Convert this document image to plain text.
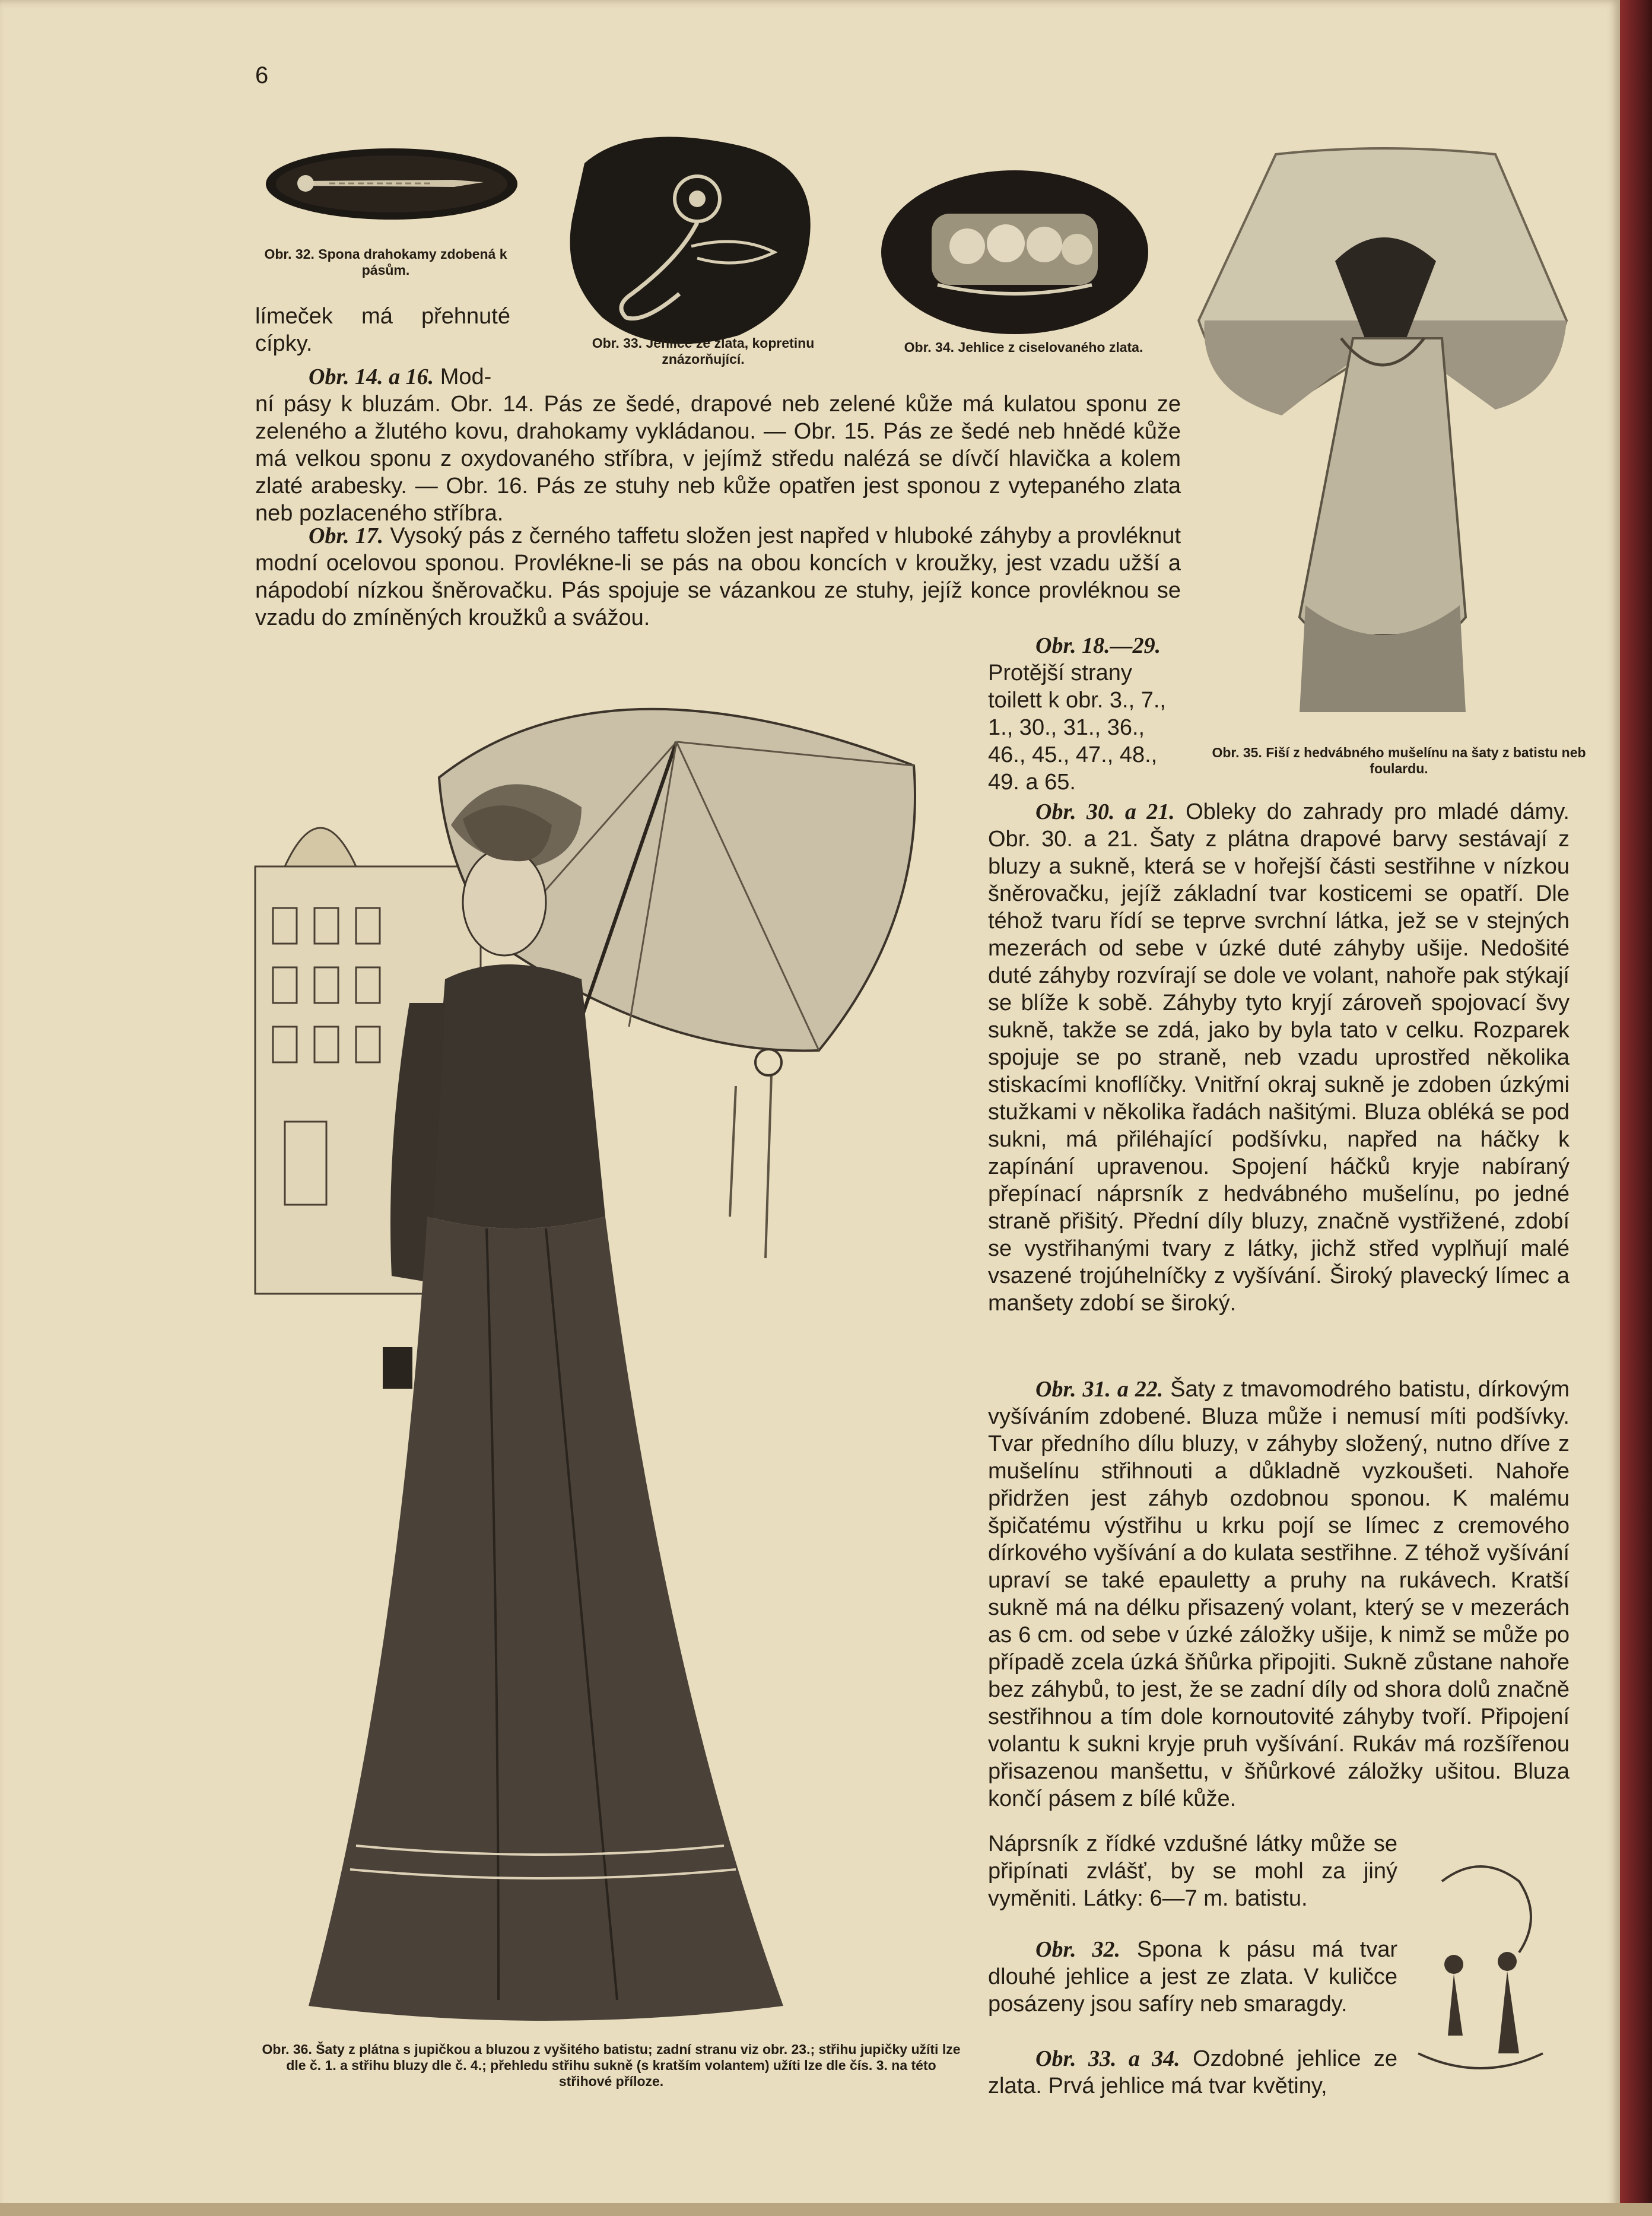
6

Obr. 32. Spona drahokamy zdobená k pásům.

Obr. 33. Jehlice ze zlata, kopretinu znázorňující.

Obr. 34. Jehlice z ciselovaného zlata.

Obr. 35. Fiší z hedvábného mušelínu na šaty z batistu neb foulardu.

Obr. 36. Šaty z plátna s jupičkou a bluzou z vyšitého batistu; zadní stranu viz obr. 23.; střihu jupičky užíti lze dle č. 1. a střihu bluzy dle č. 4.; přehledu střihu sukně (s kratším volantem) užíti lze dle čís. 3. na této střihové příloze.

límeček má přehnuté cípky.

Obr. 14. a 16. Mod-
ní pásy k bluzám. Obr. 14. Pás ze šedé, drapové neb zelené kůže má kulatou sponu ze zeleného a žlutého kovu, drahokamy vykládanou. — Obr. 15. Pás ze šedé neb hnědé kůže má velkou sponu z oxydovaného stříbra, v jejímž středu nalézá se dívčí hlavička a kolem zlaté arabesky. — Obr. 16. Pás ze stuhy neb kůže opatřen jest sponou z vytepaného zlata neb pozlaceného stříbra.

Obr. 17. Vysoký pás z černého taffetu složen jest napřed v hluboké záhyby a provléknut modní ocelovou sponou. Provlékne-li se pás na obou koncích v kroužky, jest vzadu užší a nápodobí nízkou šněrovačku. Pás spojuje se vázankou ze stuhy, jejíž konce provléknou se vzadu do zmíněných kroužků a svážou.

Obr. 18.—29.
Protější strany toilett k obr. 3., 7., 1., 30., 31., 36., 46., 45., 47., 48., 49. a 65.

Obr. 30. a 21. Obleky do zahrady pro mladé dámy. Obr. 30. a 21. Šaty z plátna drapové barvy sestávají z bluzy a sukně, která se v hořejší části sestřihne v nízkou šněrovačku, jejíž základní tvar kosticemi se opatří. Dle téhož tvaru řídí se teprve svrchní látka, jež se v stejných mezerách od sebe v úzké duté záhyby ušije. Nedošité duté záhyby rozvírají se dole ve volant, nahoře pak stýkají se blíže k sobě. Záhyby tyto kryjí zároveň spojovací švy sukně, takže se zdá, jako by byla tato v celku. Rozparek spojuje se po straně, neb vzadu uprostřed několika stiskacími knoflíčky. Vnitřní okraj sukně je zdoben úzkými stužkami v několika řadách našitými. Bluza obléká se pod sukni, má přiléhající podšívku, napřed na háčky k zapínání upravenou. Spojení háčků kryje nabíraný přepínací náprsník z hedvábného mušelínu, po jedné straně přišitý. Přední díly bluzy, značně vystřižené, zdobí se vystřihanými tvary z látky, jichž střed vyplňují malé vsazené trojúhelníčky z vyšívání. Široký plavecký límec a manšety zdobí se široký.

Obr. 31. a 22. Šaty z tmavomodrého batistu, dírkovým vyšíváním zdobené. Bluza může i nemusí míti podšívky. Tvar předního dílu bluzy, v záhyby složený, nutno dříve z mušelínu střihnouti a důkladně vyzkoušeti. Nahoře přidržen jest záhyb ozdobnou sponou. K malému špičatému výstřihu u krku pojí se límec z cremového dírkového vyšívání a do kulata sestřihne. Z téhož vyšívání upraví se také epauletty a pruhy na rukávech. Kratší sukně má na délku přisazený volant, který se v mezerách as 6 cm. od sebe v úzké záložky ušije, k nimž se může po případě zcela úzká šňůrka připojiti. Sukně zůstane nahoře bez záhybů, to jest, že se zadní díly od shora dolů značně sestřihnou a tím dole kornoutovité záhyby tvoří. Připojení volantu k sukni kryje pruh vyšívání. Rukáv má rozšířenou přisazenou manšettu, v šňůrkové záložky ušitou. Bluza končí pásem z bílé kůže.

Náprsník z řídké vzdušné látky může se připínati zvlášť, by se mohl za jiný vyměniti. Látky: 6—7 m. batistu.

Obr. 32. Spona k pásu má tvar dlouhé jehlice a jest ze zlata. V kuličce posázeny jsou safíry neb smaragdy.

Obr. 33. a 34. Ozdobné jehlice ze zlata. Prvá jehlice má tvar květiny,
